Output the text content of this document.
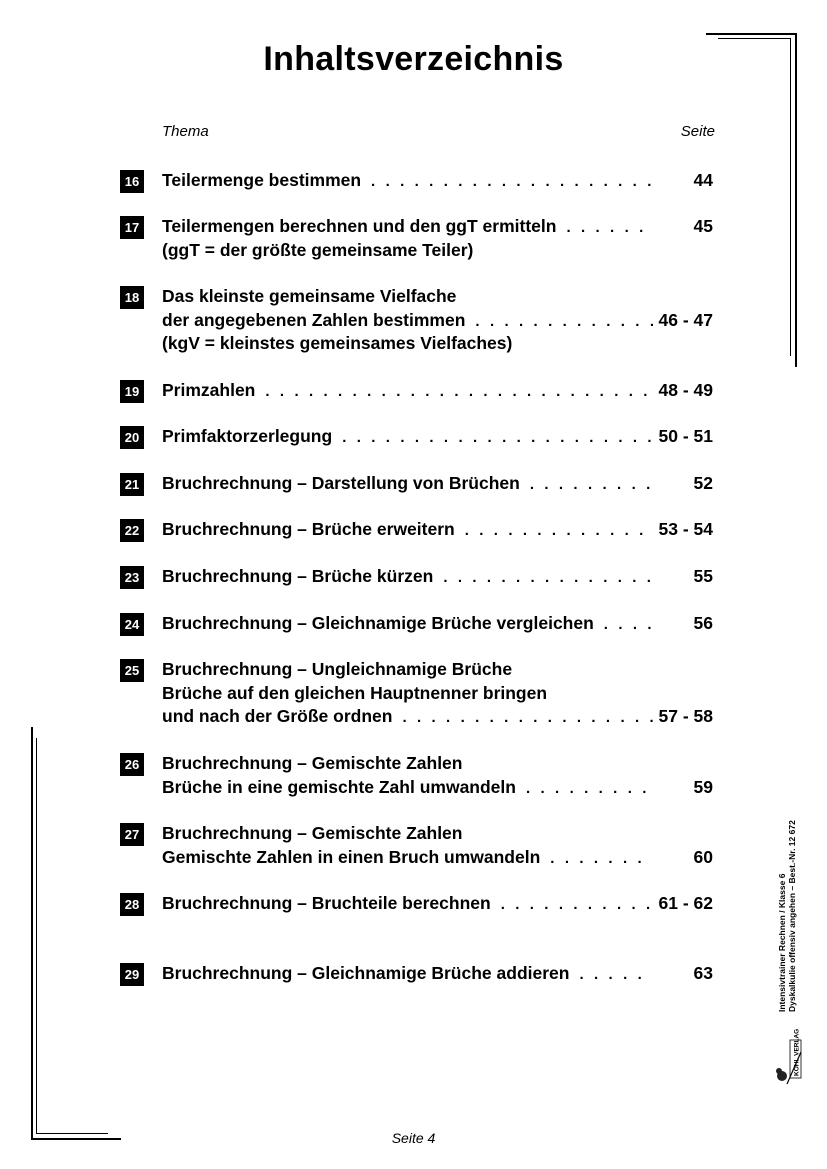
Inhaltsverzeichnis
Thema	Seite
16 Teilermenge bestimmen . . .	44
17 Teilermengen berechnen und den ggT ermitteln . . .	45
(ggT = der größte gemeinsame Teiler)
18 Das kleinste gemeinsame Vielfache
der angegebenen Zahlen bestimmen . . .	46 - 47
(kgV = kleinstes gemeinsames Vielfaches)
19 Primzahlen . . .	48 - 49
20 Primfaktorzerlegung . . .	50 - 51
21 Bruchrechnung – Darstellung von Brüchen . . .	52
22 Bruchrechnung – Brüche erweitern . . .	53 - 54
23 Bruchrechnung – Brüche kürzen . . .	55
24 Bruchrechnung – Gleichnamige Brüche vergleichen . . .	56
25 Bruchrechnung – Ungleichnamige Brüche
Brüche auf den gleichen Hauptnenner bringen
und nach der Größe ordnen . . .	57 - 58
26 Bruchrechnung – Gemischte Zahlen
Brüche in eine gemischte Zahl umwandeln . . .	59
27 Bruchrechnung – Gemischte Zahlen
Gemischte Zahlen in einen Bruch umwandeln . . .	60
28 Bruchrechnung – Bruchteile berechnen . . .	61 - 62
29 Bruchrechnung – Gleichnamige Brüche addieren . . .	63
Seite 4
Intensivtrainer Rechnen / Klasse 6 Dyskalkulie offensiv angehen – Best.-Nr. 12 672
KOHL VERLAG
